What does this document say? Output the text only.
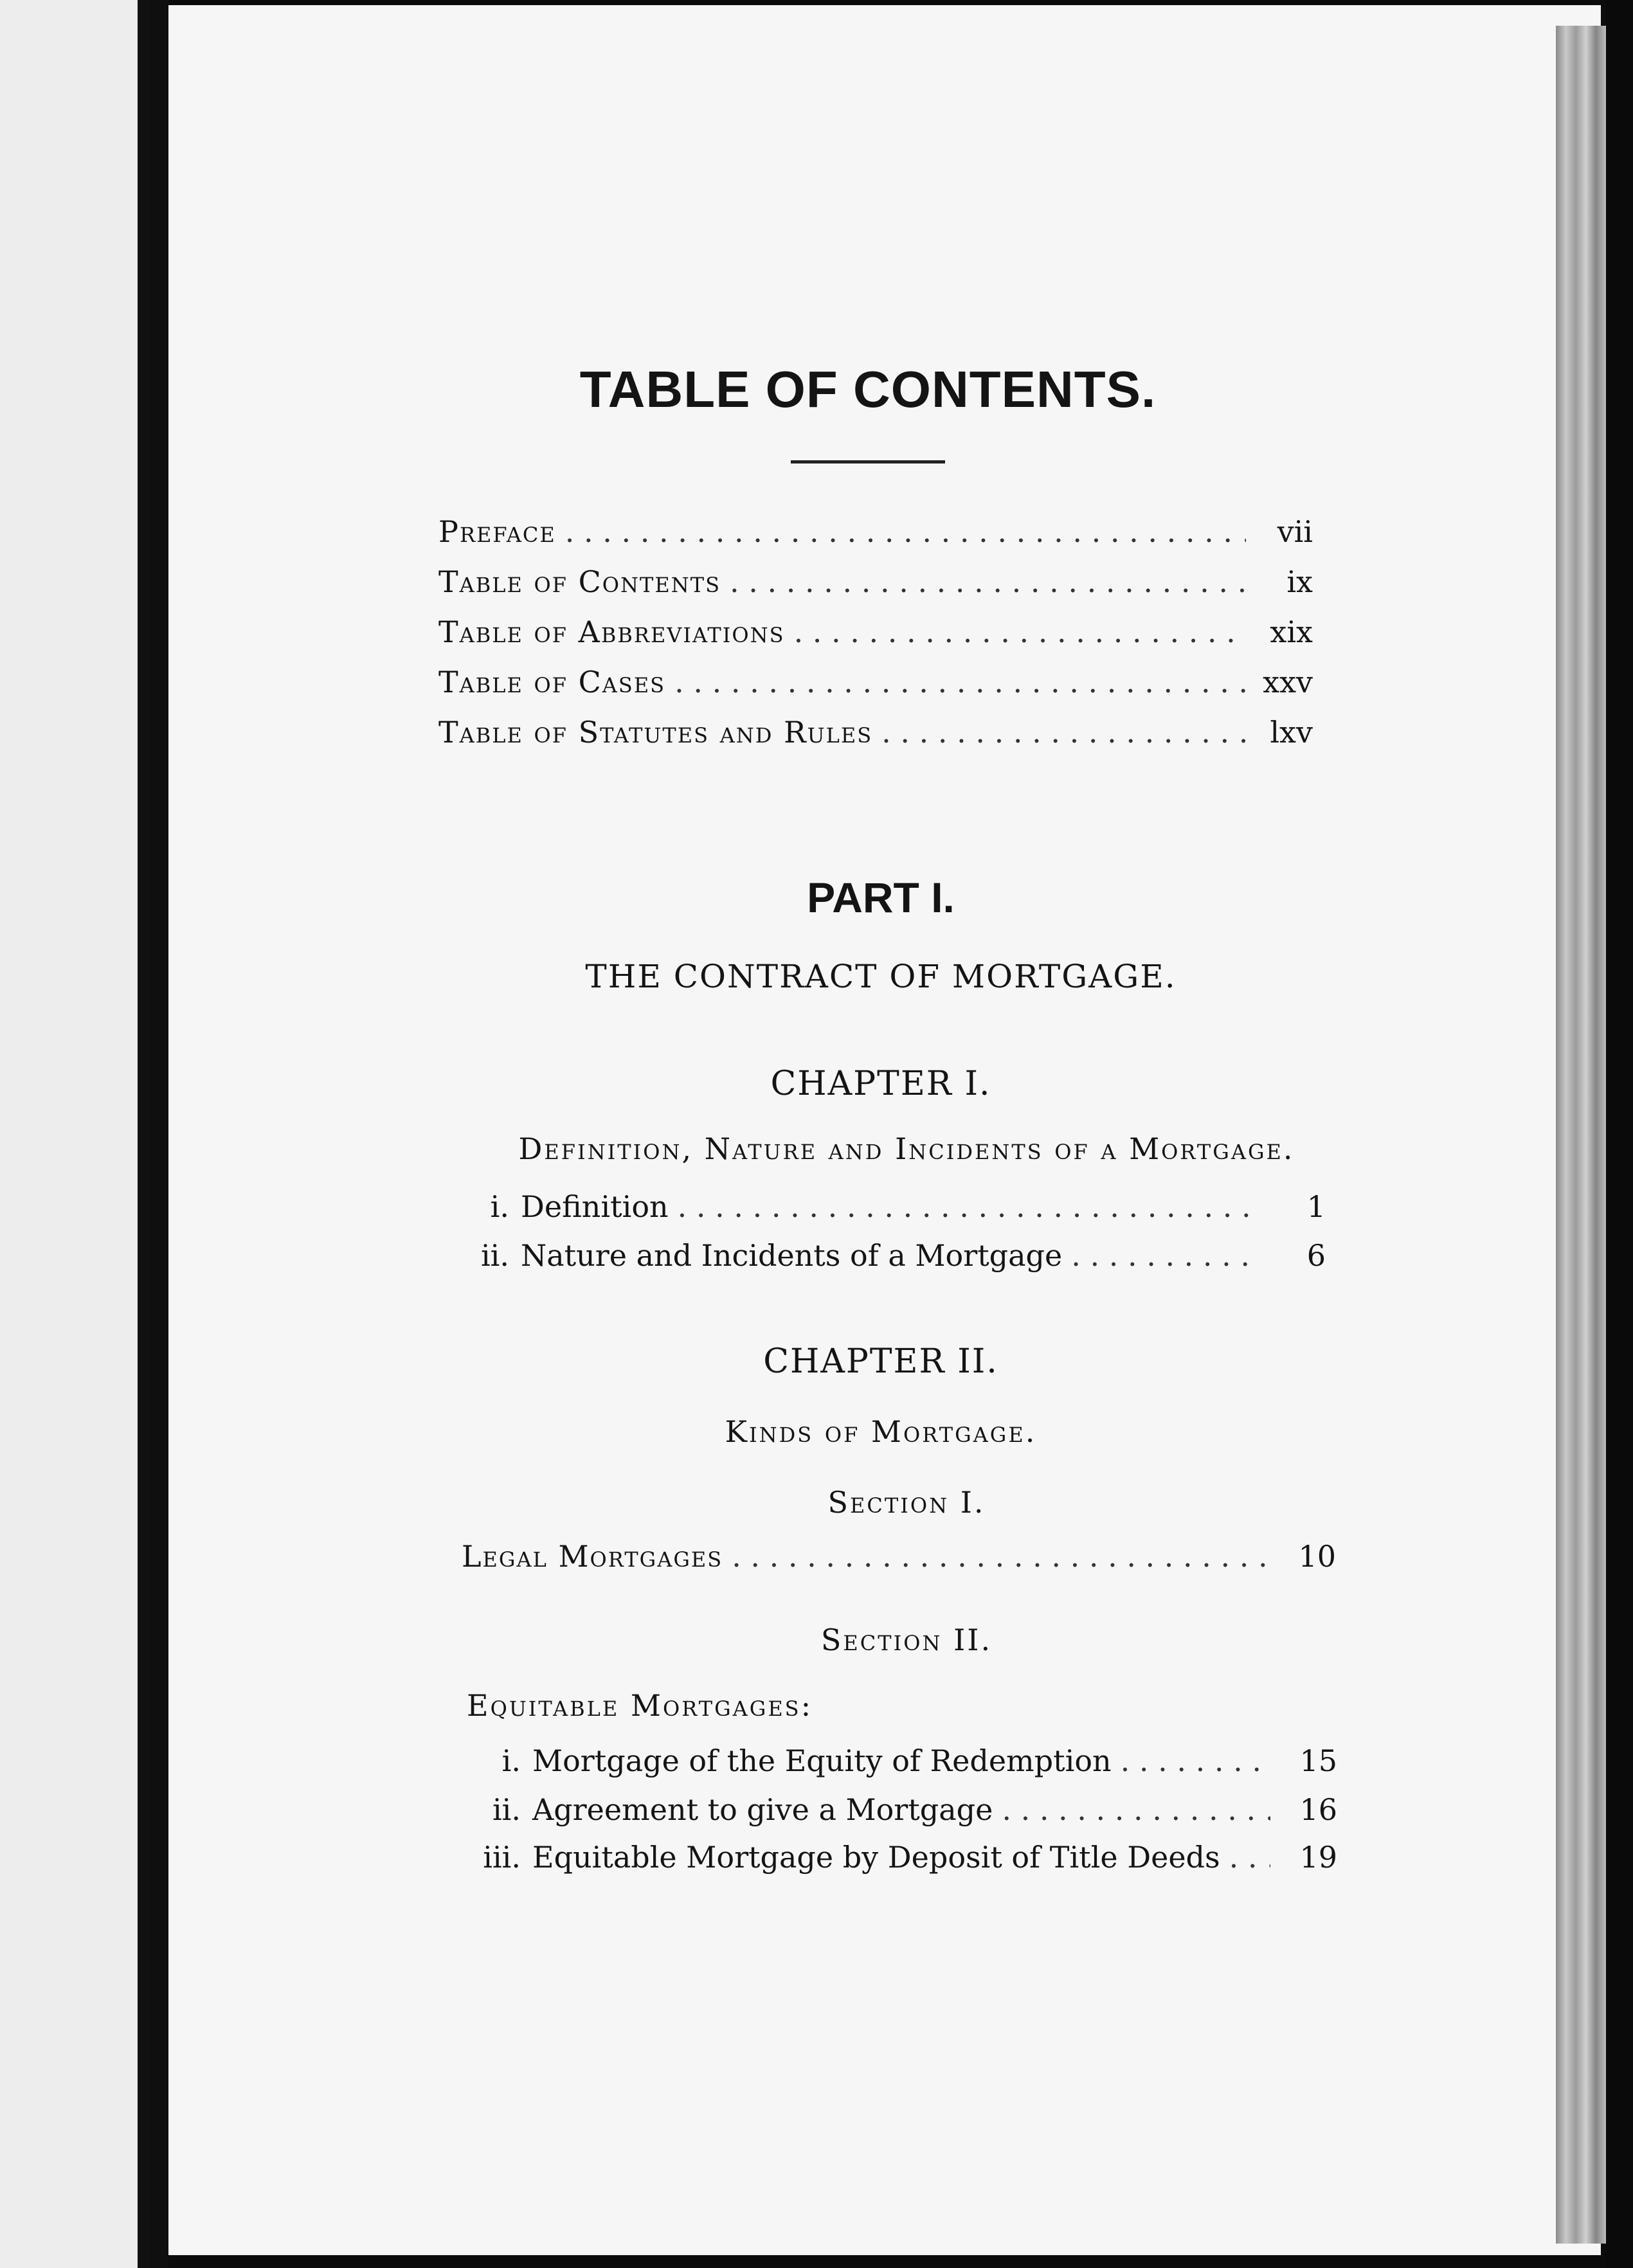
TABLE OF CONTENTS.
Preface . . .	vii
Table of Contents . . .	ix
Table of Abbreviations . . .	xix
Table of Cases . . .	xxv
Table of Statutes and Rules . . .	lxv
PART I.
THE CONTRACT OF MORTGAGE.
CHAPTER I.
Definition, Nature and Incidents of a Mortgage.
i. Definition . . .	1
ii. Nature and Incidents of a Mortgage . . .	6
CHAPTER II.
Kinds of Mortgage.
Section I.
Legal Mortgages . . .	10
Section II.
Equitable Mortgages:
i. Mortgage of the Equity of Redemption . . .	15
ii. Agreement to give a Mortgage . . .	16
iii. Equitable Mortgage by Deposit of Title Deeds . . .	19
